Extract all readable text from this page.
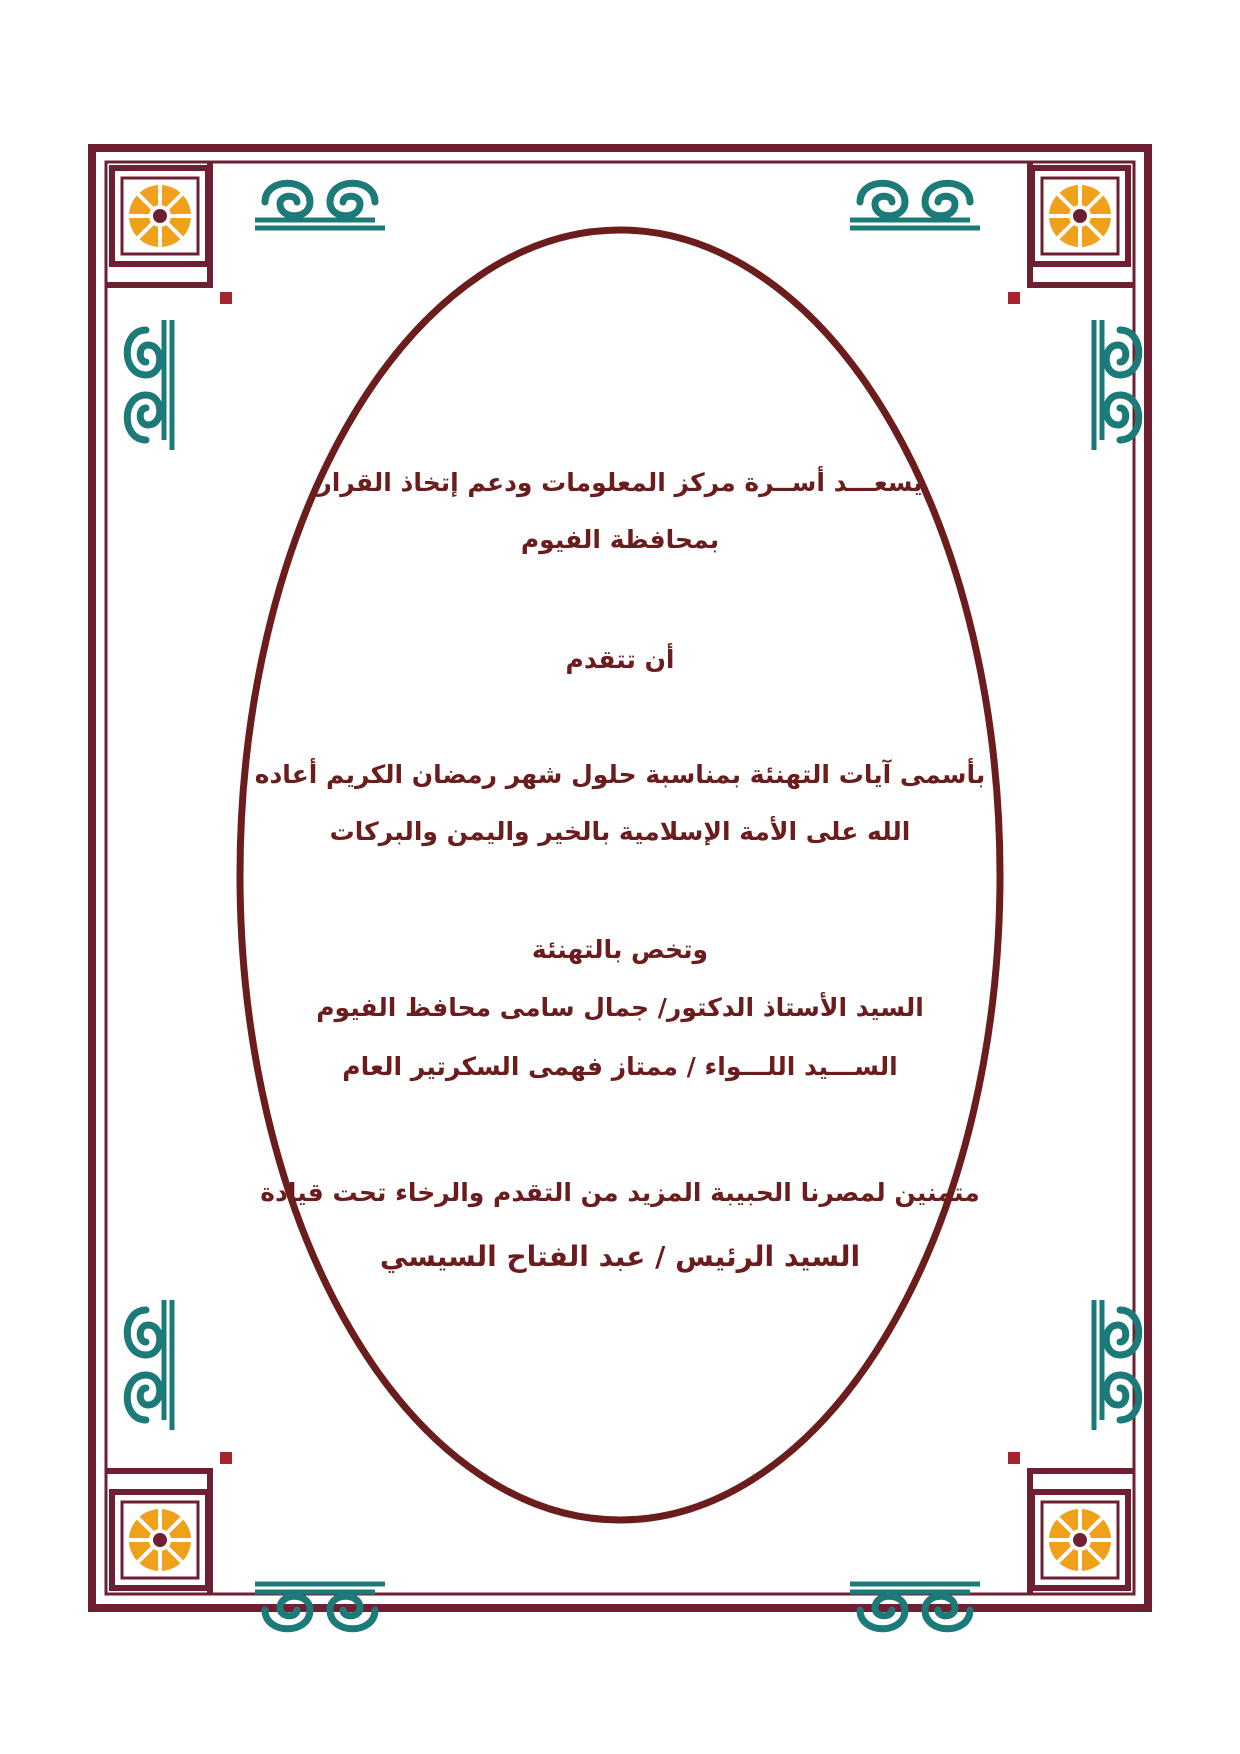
يسعـــد أســرة مركز المعلومات ودعم إتخاذ القرار
بمحافظة الفيوم
أن تتقدم
بأسمى آيات التهنئة بمناسبة حلول شهر رمضان الكريم أعاده
الله على الأمة الإسلامية بالخير واليمن والبركات
وتخص بالتهنئة
السيد الأستاذ الدكتور/ جمال سامى محافظ الفيوم
الســـيد اللـــواء / ممتاز فهمى السكرتير العام
متمنين لمصرنا الحبيبة المزيد من التقدم والرخاء تحت قيادة
السيد الرئيس / عبد الفتاح السيسي
